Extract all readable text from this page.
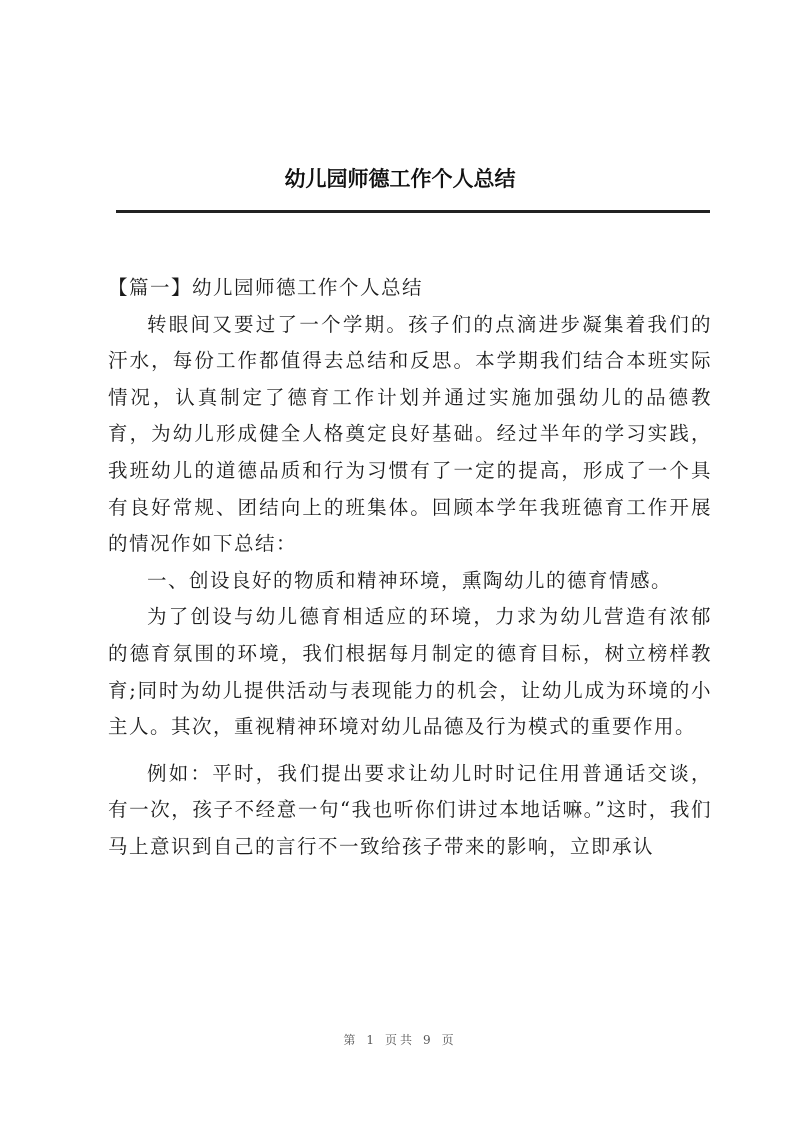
幼儿园师德工作个人总结

【篇一】幼儿园师德工作个人总结

转眼间又要过了一个学期。孩子们的点滴进步凝集着我们的汗水，每份工作都值得去总结和反思。本学期我们结合本班实际情况，认真制定了德育工作计划并通过实施加强幼儿的品德教育，为幼儿形成健全人格奠定良好基础。经过半年的学习实践，我班幼儿的道德品质和行为习惯有了一定的提高，形成了一个具有良好常规、团结向上的班集体。回顾本学年我班德育工作开展的情况作如下总结：

一、创设良好的物质和精神环境，熏陶幼儿的德育情感。

为了创设与幼儿德育相适应的环境，力求为幼儿营造有浓郁的德育氛围的环境，我们根据每月制定的德育目标，树立榜样教育;同时为幼儿提供活动与表现能力的机会，让幼儿成为环境的小主人。其次，重视精神环境对幼儿品德及行为模式的重要作用。

例如：平时，我们提出要求让幼儿时时记住用普通话交谈，有一次，孩子不经意一句“我也听你们讲过本地话嘛。”这时，我们马上意识到自己的言行不一致给孩子带来的影响，立即承认

第 1 页共 9 页
